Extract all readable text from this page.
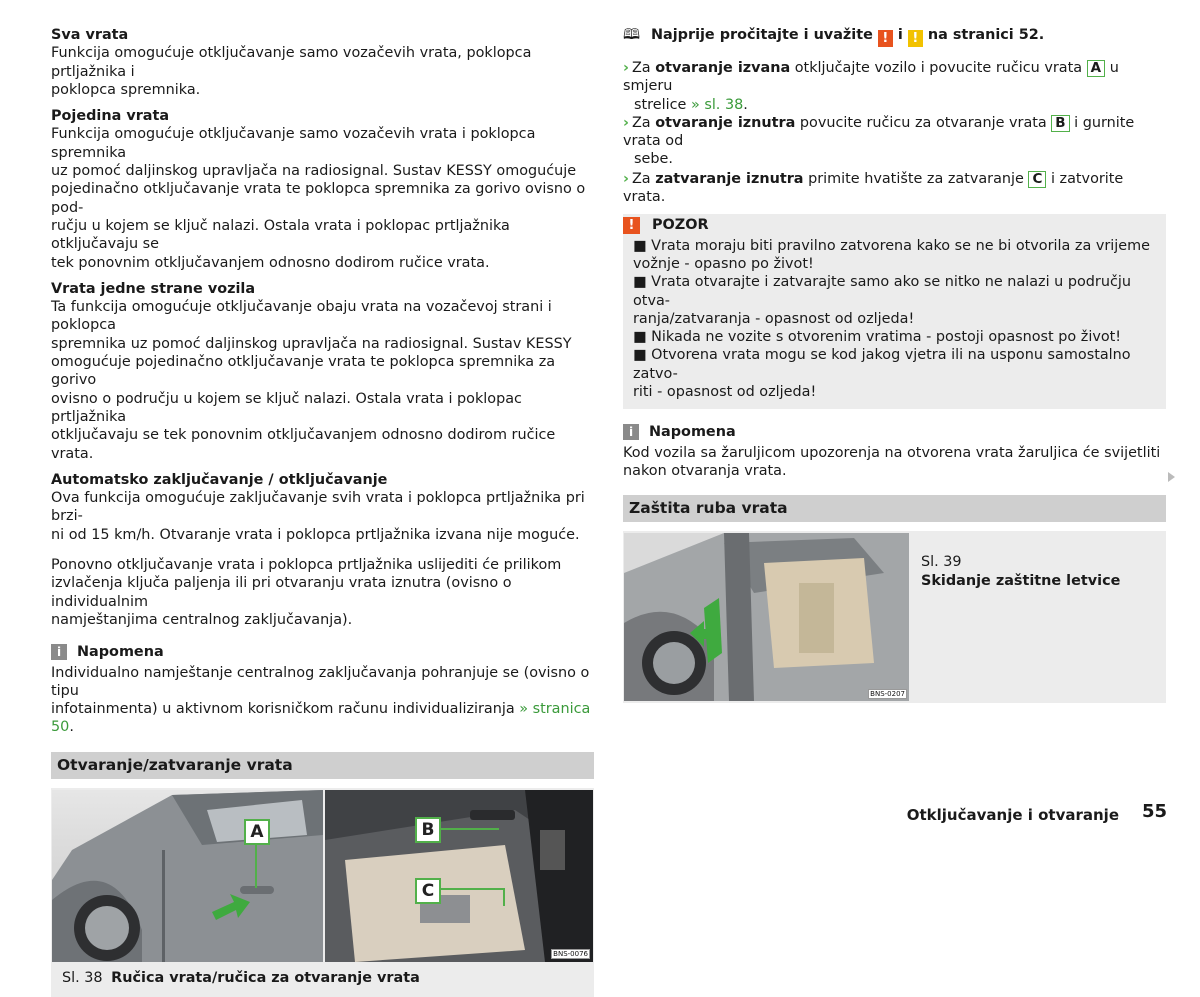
Sva vrata

Funkcija omogućuje otključavanje samo vozačevih vrata, poklopca prtljažnika i

poklopca spremnika.

Pojedina vrata

Funkcija omogućuje otključavanje samo vozačevih vrata i poklopca spremnika

uz pomoć daljinskog upravljača na radiosignal. Sustav KESSY omogućuje

pojedinačno otključavanje vrata te poklopca spremnika za gorivo ovisno o pod-

ručju u kojem se ključ nalazi. Ostala vrata i poklopac prtljažnika otključavaju se

tek ponovnim otključavanjem odnosno dodirom ručice vrata.

Vrata jedne strane vozila

Ta funkcija omogućuje otključavanje obaju vrata na vozačevoj strani i poklopca

spremnika uz pomoć daljinskog upravljača na radiosignal. Sustav KESSY

omogućuje pojedinačno otključavanje vrata te poklopca spremnika za gorivo

ovisno o području u kojem se ključ nalazi. Ostala vrata i poklopac prtljažnika

otključavaju se tek ponovnim otključavanjem odnosno dodirom ručice vrata.

Automatsko zaključavanje / otključavanje

Ova funkcija omogućuje zaključavanje svih vrata i poklopca prtljažnika pri brzi-

ni od 15 km/h. Otvaranje vrata i poklopca prtljažnika izvana nije moguće.

Ponovno otključavanje vrata i poklopca prtljažnika uslijediti će prilikom

izvlačenja ključa paljenja ili pri otvaranju vrata iznutra (ovisno o individualnim

namještanjima centralnog zaključavanja).

i	Napomena

Individualno namještanje centralnog zaključavanja pohranjuje se (ovisno o tipu

infotainmenta) u aktivnom korisničkom računu individualiziranja » stranica 50.

Otvaranje/zatvaranje vrata
A	B
C
BNS-0076
Sl. 38 Ručica vrata/ručica za otvaranje vrata

🕮 Najprije pročitajte i uvažite ! i ! na stranici 52.

› Za otvaranje izvana otključajte vozilo i povucite ručicu vrata A u smjeru

strelice » sl. 38.

› Za otvaranje iznutra povucite ručicu za otvaranje vrata B i gurnite vrata od

sebe.

› Za zatvaranje iznutra primite hvatište za zatvaranje C i zatvorite vrata.

!	POZOR

■ Vrata moraju biti pravilno zatvorena kako se ne bi otvorila za vrijeme

vožnje - opasno po život!

■ Vrata otvarajte i zatvarajte samo ako se nitko ne nalazi u području otva-

ranja/zatvaranja - opasnost od ozljeda!

■ Nikada ne vozite s otvorenim vratima - postoji opasnost po život!

■ Otvorena vrata mogu se kod jakog vjetra ili na usponu samostalno zatvo-

riti - opasnost od ozljeda!

i	Napomena

Kod vozila sa žaruljicom upozorenja na otvorena vrata žaruljica će svijetliti

nakon otvaranja vrata.

Zaštita ruba vrata
BNS-0207

Sl. 39

Skidanje zaštitne letvice

Otključavanje i otvaranje 55
